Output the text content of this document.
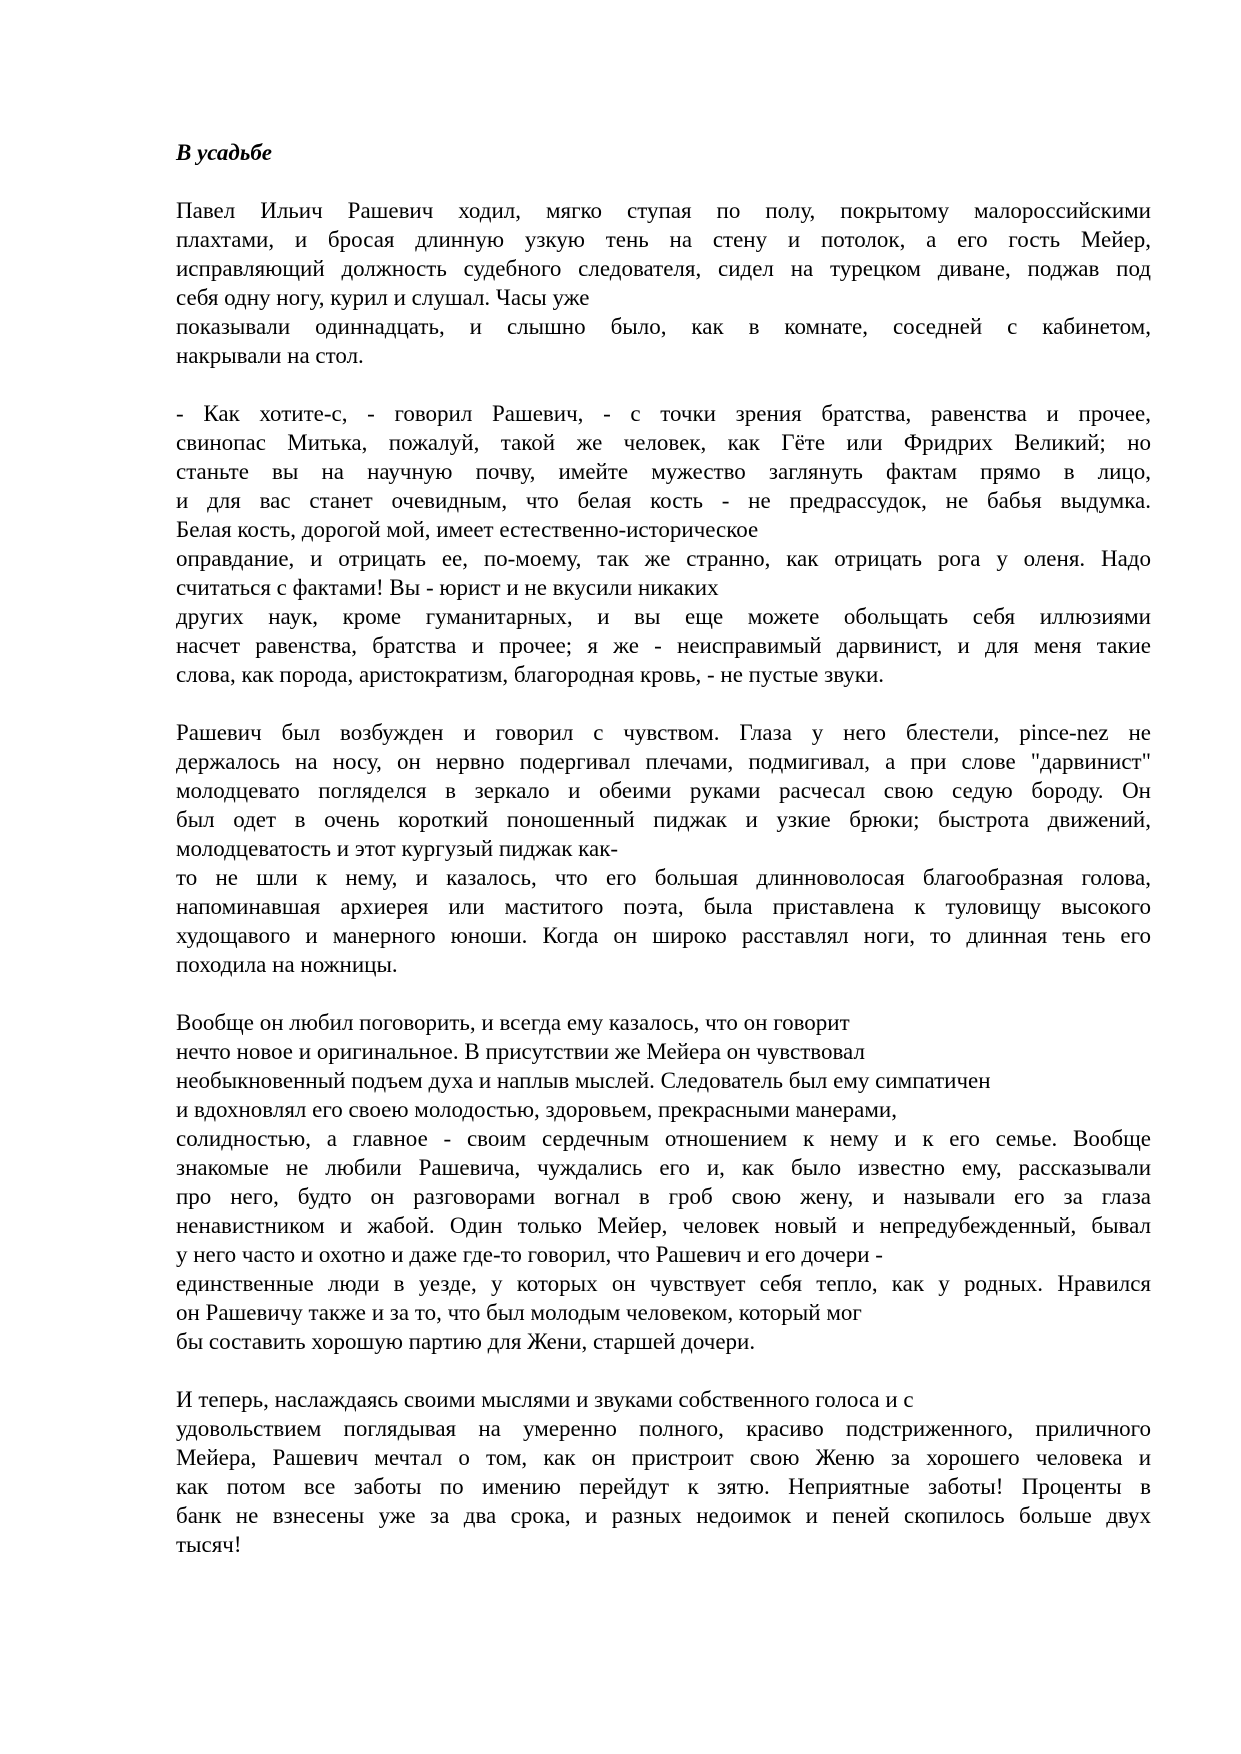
В усадьбе
Павел Ильич Рашевич ходил, мягко ступая по полу, покрытому малороссийскими
плахтами, и бросая длинную узкую тень на стену и потолок, а его гость Мейер,
исправляющий должность судебного следователя, сидел на турецком диване, поджав под
себя одну ногу, курил и слушал. Часы уже
показывали одиннадцать, и слышно было, как в комнате, соседней с кабинетом,
накрывали на стол.
- Как хотите-с, - говорил Рашевич, - с точки зрения братства, равенства и прочее,
свинопас Митька, пожалуй, такой же человек, как Гёте или Фридрих Великий; но
станьте вы на научную почву, имейте мужество заглянуть фактам прямо в лицо,
и для вас станет очевидным, что белая кость - не предрассудок, не бабья выдумка.
Белая кость, дорогой мой, имеет естественно-историческое
оправдание, и отрицать ее, по-моему, так же странно, как отрицать рога у оленя. Надо
считаться с фактами! Вы - юрист и не вкусили никаких
других наук, кроме гуманитарных, и вы еще можете обольщать себя иллюзиями
насчет равенства, братства и прочее; я же - неисправимый дарвинист, и для меня такие
слова, как порода, аристократизм, благородная кровь, - не пустые звуки.
Рашевич был возбужден и говорил с чувством. Глаза у него блестели, pince-nez не
держалось на носу, он нервно подергивал плечами, подмигивал, а при слове "дарвинист"
молодцевато погляделся в зеркало и обеими руками расчесал свою седую бороду. Он
был одет в очень короткий поношенный пиджак и узкие брюки; быстрота движений,
молодцеватость и этот кургузый пиджак как-
то не шли к нему, и казалось, что его большая длинноволосая благообразная голова,
напоминавшая архиерея или маститого поэта, была приставлена к туловищу высокого
худощавого и манерного юноши. Когда он широко расставлял ноги, то длинная тень его
походила на ножницы.
Вообще он любил поговорить, и всегда ему казалось, что он говорит
нечто новое и оригинальное. В присутствии же Мейера он чувствовал
необыкновенный подъем духа и наплыв мыслей. Следователь был ему симпатичен
и вдохновлял его своею молодостью, здоровьем, прекрасными манерами,
солидностью, а главное - своим сердечным отношением к нему и к его семье. Вообще
знакомые не любили Рашевича, чуждались его и, как было известно ему, рассказывали
про него, будто он разговорами вогнал в гроб свою жену, и называли его за глаза
ненавистником и жабой. Один только Мейер, человек новый и непредубежденный, бывал
у него часто и охотно и даже где-то говорил, что Рашевич и его дочери -
единственные люди в уезде, у которых он чувствует себя тепло, как у родных. Нравился
он Рашевичу также и за то, что был молодым человеком, который мог
бы составить хорошую партию для Жени, старшей дочери.
И теперь, наслаждаясь своими мыслями и звуками собственного голоса и с
удовольствием поглядывая на умеренно полного, красиво подстриженного, приличного
Мейера, Рашевич мечтал о том, как он пристроит свою Женю за хорошего человека и
как потом все заботы по имению перейдут к зятю. Неприятные заботы! Проценты в
банк не взнесены уже за два срока, и разных недоимок и пеней скопилось больше двух
тысяч!
